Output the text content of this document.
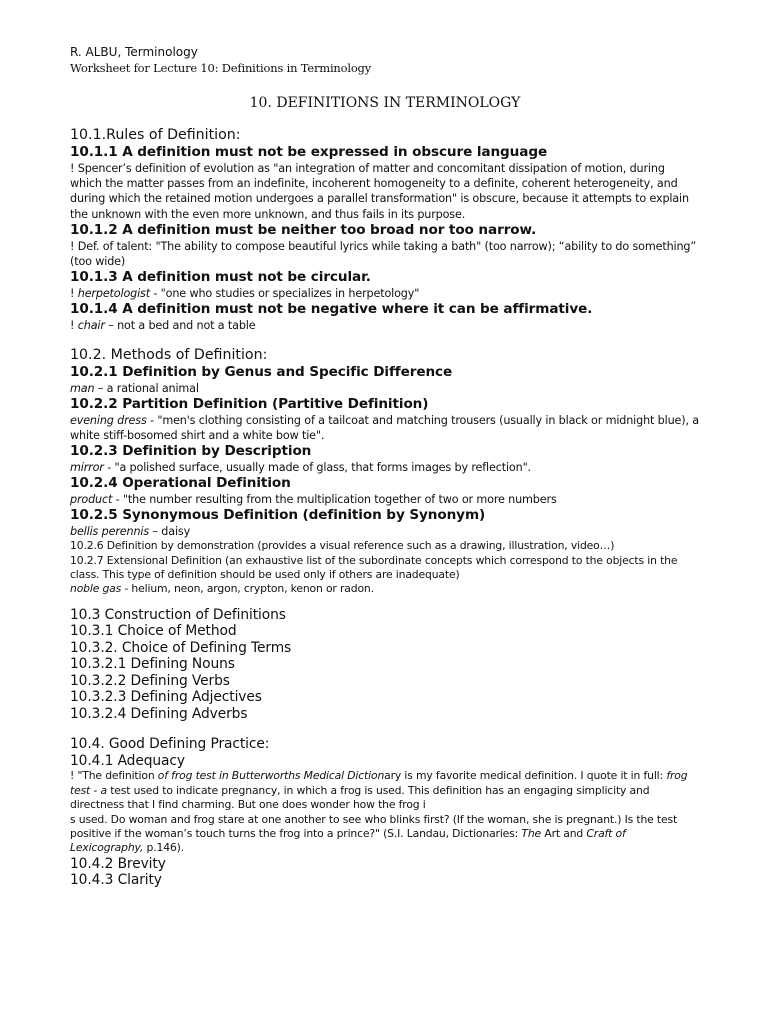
R. ALBU, Terminology
Worksheet for Lecture 10: Definitions in Terminology
10. DEFINITIONS IN TERMINOLOGY
10.1.Rules of Definition:
10.1.1 A definition must not be expressed in obscure language

! Spencer’s definition of evolution as "an integration of matter and concomitant dissipation of motion, during which the matter passes from an indefinite, incoherent homogeneity to a definite, coherent heterogeneity, and during which the retained motion undergoes a parallel transformation" is obscure, because it attempts to explain the unknown with the even more unknown, and thus fails in its purpose.

10.1.2 A definition must be neither too broad nor too narrow.

! Def. of talent: "The ability to compose beautiful lyrics while taking a bath" (too narrow); “ability to do something” (too wide)

10.1.3 A definition must not be circular.

! herpetologist - "one who studies or specializes in herpetology"

10.1.4 A definition must not be negative where it can be affirmative.

! chair – not a bed and not a table

10.2. Methods of Definition:
10.2.1 Definition by Genus and Specific Difference

man – a rational animal

10.2.2 Partition Definition (Partitive Definition)

evening dress - "men's clothing consisting of a tailcoat and matching trousers (usually in black or midnight blue), a white stiff-bosomed shirt and a white bow tie".

10.2.3 Definition by Description

mirror - "a polished surface, usually made of glass, that forms images by reflection".

10.2.4 Operational Definition

product - "the number resulting from the multiplication together of two or more numbers

10.2.5 Synonymous Definition (definition by Synonym)

bellis perennis – daisy

10.2.6 Definition by demonstration (provides a visual reference such as a drawing, illustration, video…)

10.2.7 Extensional Definition (an exhaustive list of the subordinate concepts which correspond to the objects in the class. This type of definition should be used only if others are inadequate)

noble gas - helium, neon, argon, crypton, kenon or radon.

10.3 Construction of Definitions
10.3.1 Choice of Method
10.3.2. Choice of Defining Terms
10.3.2.1 Defining Nouns
10.3.2.2 Defining Verbs
10.3.2.3 Defining Adjectives
10.3.2.4 Defining Adverbs
10.4. Good Defining Practice:
10.4.1 Adequacy

! "The definition of frog test in Butterworths Medical Dictionary is my favorite medical definition. I quote it in full: frog test - a test used to indicate pregnancy, in which a frog is used. This definition has an engaging simplicity and directness that I find charming. But one does wonder how the frog i
s used. Do woman and frog stare at one another to see who blinks first? (If the woman, she is pregnant.) Is the test positive if the woman’s touch turns the frog into a prince?" (S.I. Landau, Dictionaries: The Art and Craft of Lexicography, p.146).

10.4.2 Brevity
10.4.3 Clarity
